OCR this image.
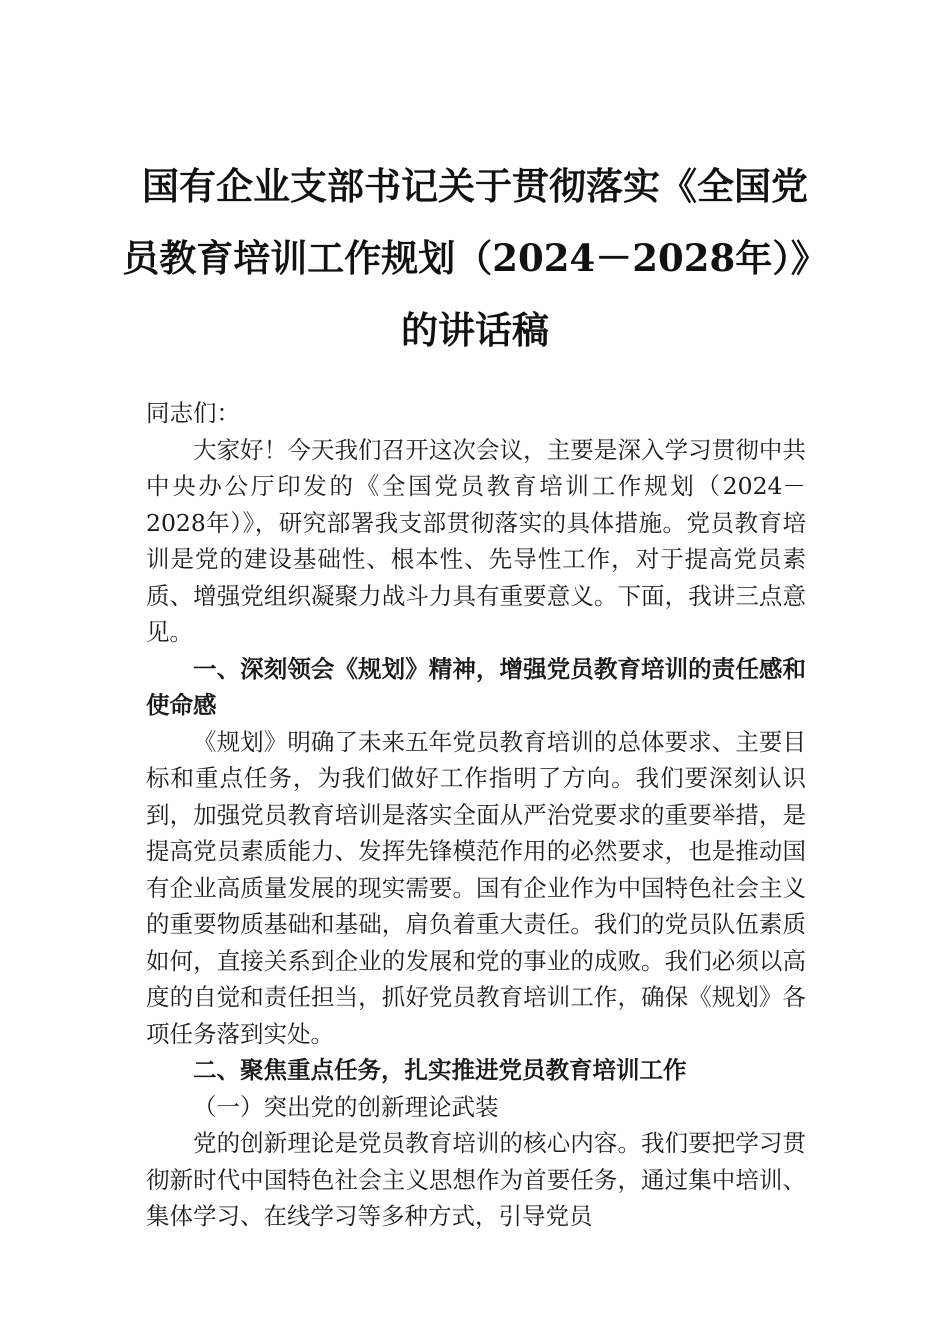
国有企业支部书记关于贯彻落实《全国党
员教育培训工作规划（2024－2028年）》
的讲话稿

同志们：

大家好！今天我们召开这次会议，主要是深入学习贯彻中共中央办公厅印发的《全国党员教育培训工作规划（2024－2028年）》，研究部署我支部贯彻落实的具体措施。党员教育培训是党的建设基础性、根本性、先导性工作，对于提高党员素质、增强党组织凝聚力战斗力具有重要意义。下面，我讲三点意见。

一、深刻领会《规划》精神，增强党员教育培训的责任感和使命感

《规划》明确了未来五年党员教育培训的总体要求、主要目标和重点任务，为我们做好工作指明了方向。我们要深刻认识到，加强党员教育培训是落实全面从严治党要求的重要举措，是提高党员素质能力、发挥先锋模范作用的必然要求，也是推动国有企业高质量发展的现实需要。国有企业作为中国特色社会主义的重要物质基础和基础，肩负着重大责任。我们的党员队伍素质如何，直接关系到企业的发展和党的事业的成败。我们必须以高度的自觉和责任担当，抓好党员教育培训工作，确保《规划》各项任务落到实处。

二、聚焦重点任务，扎实推进党员教育培训工作

（一）突出党的创新理论武装

党的创新理论是党员教育培训的核心内容。我们要把学习贯彻新时代中国特色社会主义思想作为首要任务，通过集中培训、集体学习、在线学习等多种方式，引导党员
